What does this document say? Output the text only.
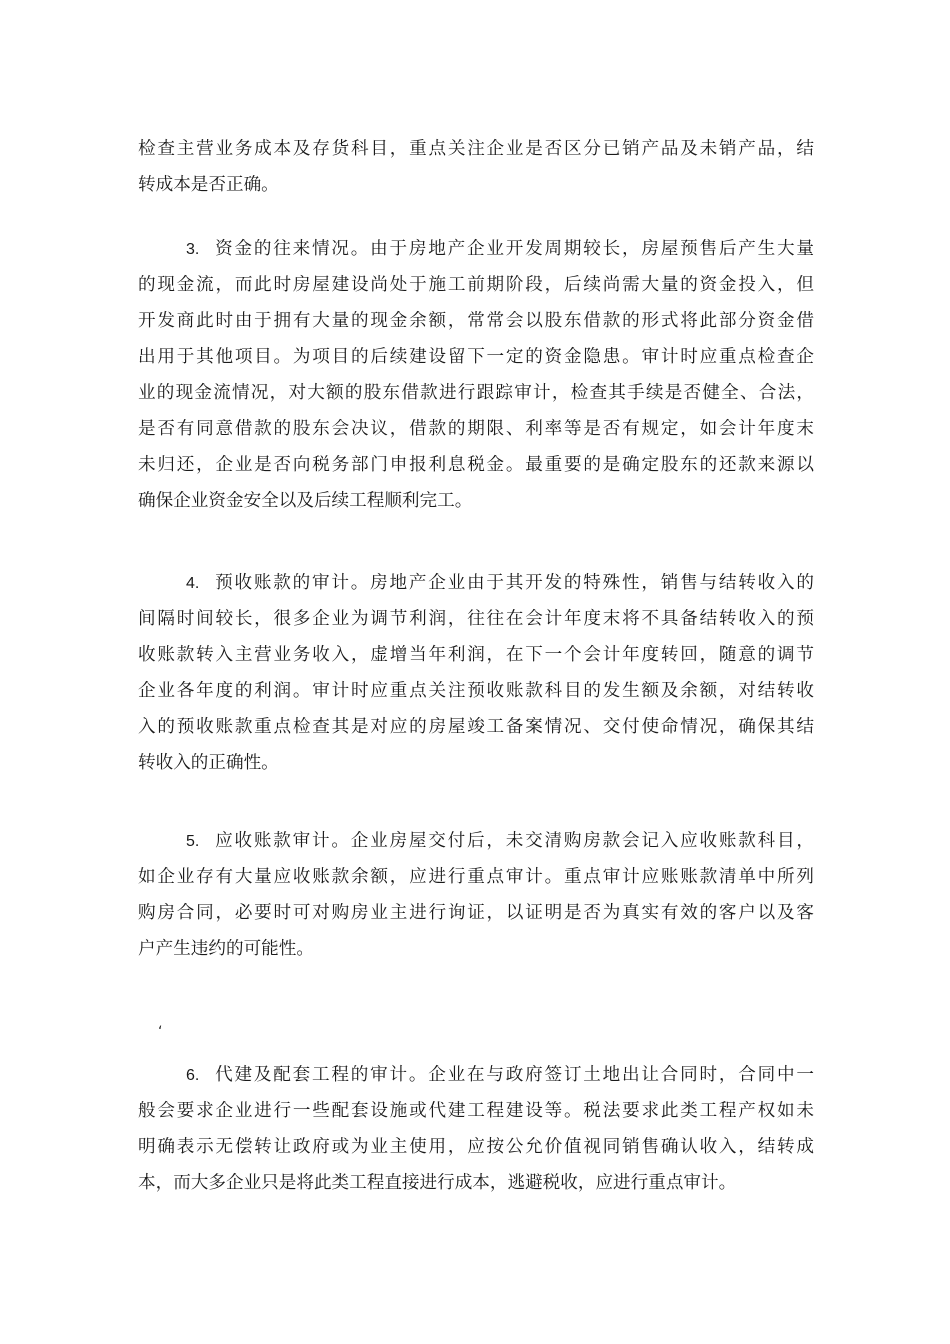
检查主营业务成本及存货科目，重点关注企业是否区分已销产品及未销产品，结
转成本是否正确。
3. 资金的往来情况。由于房地产企业开发周期较长，房屋预售后产生大量
的现金流，而此时房屋建设尚处于施工前期阶段，后续尚需大量的资金投入，但
开发商此时由于拥有大量的现金余额，常常会以股东借款的形式将此部分资金借
出用于其他项目。为项目的后续建设留下一定的资金隐患。审计时应重点检查企
业的现金流情况，对大额的股东借款进行跟踪审计，检查其手续是否健全、合法，
是否有同意借款的股东会决议，借款的期限、利率等是否有规定，如会计年度末
未归还，企业是否向税务部门申报利息税金。最重要的是确定股东的还款来源以
确保企业资金安全以及后续工程顺利完工。
4. 预收账款的审计。房地产企业由于其开发的特殊性，销售与结转收入的
间隔时间较长，很多企业为调节利润，往往在会计年度末将不具备结转收入的预
收账款转入主营业务收入，虚增当年利润，在下一个会计年度转回，随意的调节
企业各年度的利润。审计时应重点关注预收账款科目的发生额及余额，对结转收
入的预收账款重点检查其是对应的房屋竣工备案情况、交付使命情况，确保其结
转收入的正确性。
5. 应收账款审计。企业房屋交付后，未交清购房款会记入应收账款科目，
如企业存有大量应收账款余额，应进行重点审计。重点审计应账账款清单中所列
购房合同，必要时可对购房业主进行询证，以证明是否为真实有效的客户以及客
户产生违约的可能性。
‘
6. 代建及配套工程的审计。企业在与政府签订土地出让合同时，合同中一
般会要求企业进行一些配套设施或代建工程建设等。税法要求此类工程产权如未
明确表示无偿转让政府或为业主使用，应按公允价值视同销售确认收入，结转成
本，而大多企业只是将此类工程直接进行成本，逃避税收，应进行重点审计。
